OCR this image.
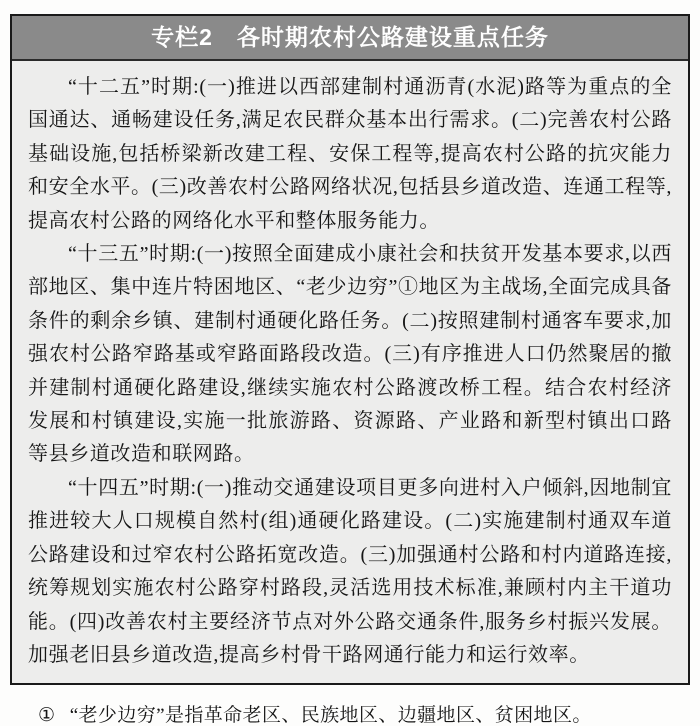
专栏2　各时期农村公路建设重点任务

“十二五”时期:(一)推进以西部建制村通沥青(水泥)路等为重点的全国通达、通畅建设任务,满足农民群众基本出行需求。(二)完善农村公路基础设施,包括桥梁新改建工程、安保工程等,提高农村公路的抗灾能力和安全水平。(三)改善农村公路网络状况,包括县乡道改造、连通工程等,提高农村公路的网络化水平和整体服务能力。

“十三五”时期:(一)按照全面建成小康社会和扶贫开发基本要求,以西部地区、集中连片特困地区、“老少边穷”①地区为主战场,全面完成具备条件的剩余乡镇、建制村通硬化路任务。(二)按照建制村通客车要求,加强农村公路窄路基或窄路面路段改造。(三)有序推进人口仍然聚居的撤并建制村通硬化路建设,继续实施农村公路渡改桥工程。结合农村经济发展和村镇建设,实施一批旅游路、资源路、产业路和新型村镇出口路等县乡道改造和联网路。

“十四五”时期:(一)推动交通建设项目更多向进村入户倾斜,因地制宜推进较大人口规模自然村(组)通硬化路建设。(二)实施建制村通双车道公路建设和过窄农村公路拓宽改造。(三)加强通村公路和村内道路连接,统筹规划实施农村公路穿村路段,灵活选用技术标准,兼顾村内主干道功能。(四)改善农村主要经济节点对外公路交通条件,服务乡村振兴发展。加强老旧县乡道改造,提高乡村骨干路网通行能力和运行效率。

① “老少边穷”是指革命老区、民族地区、边疆地区、贫困地区。
